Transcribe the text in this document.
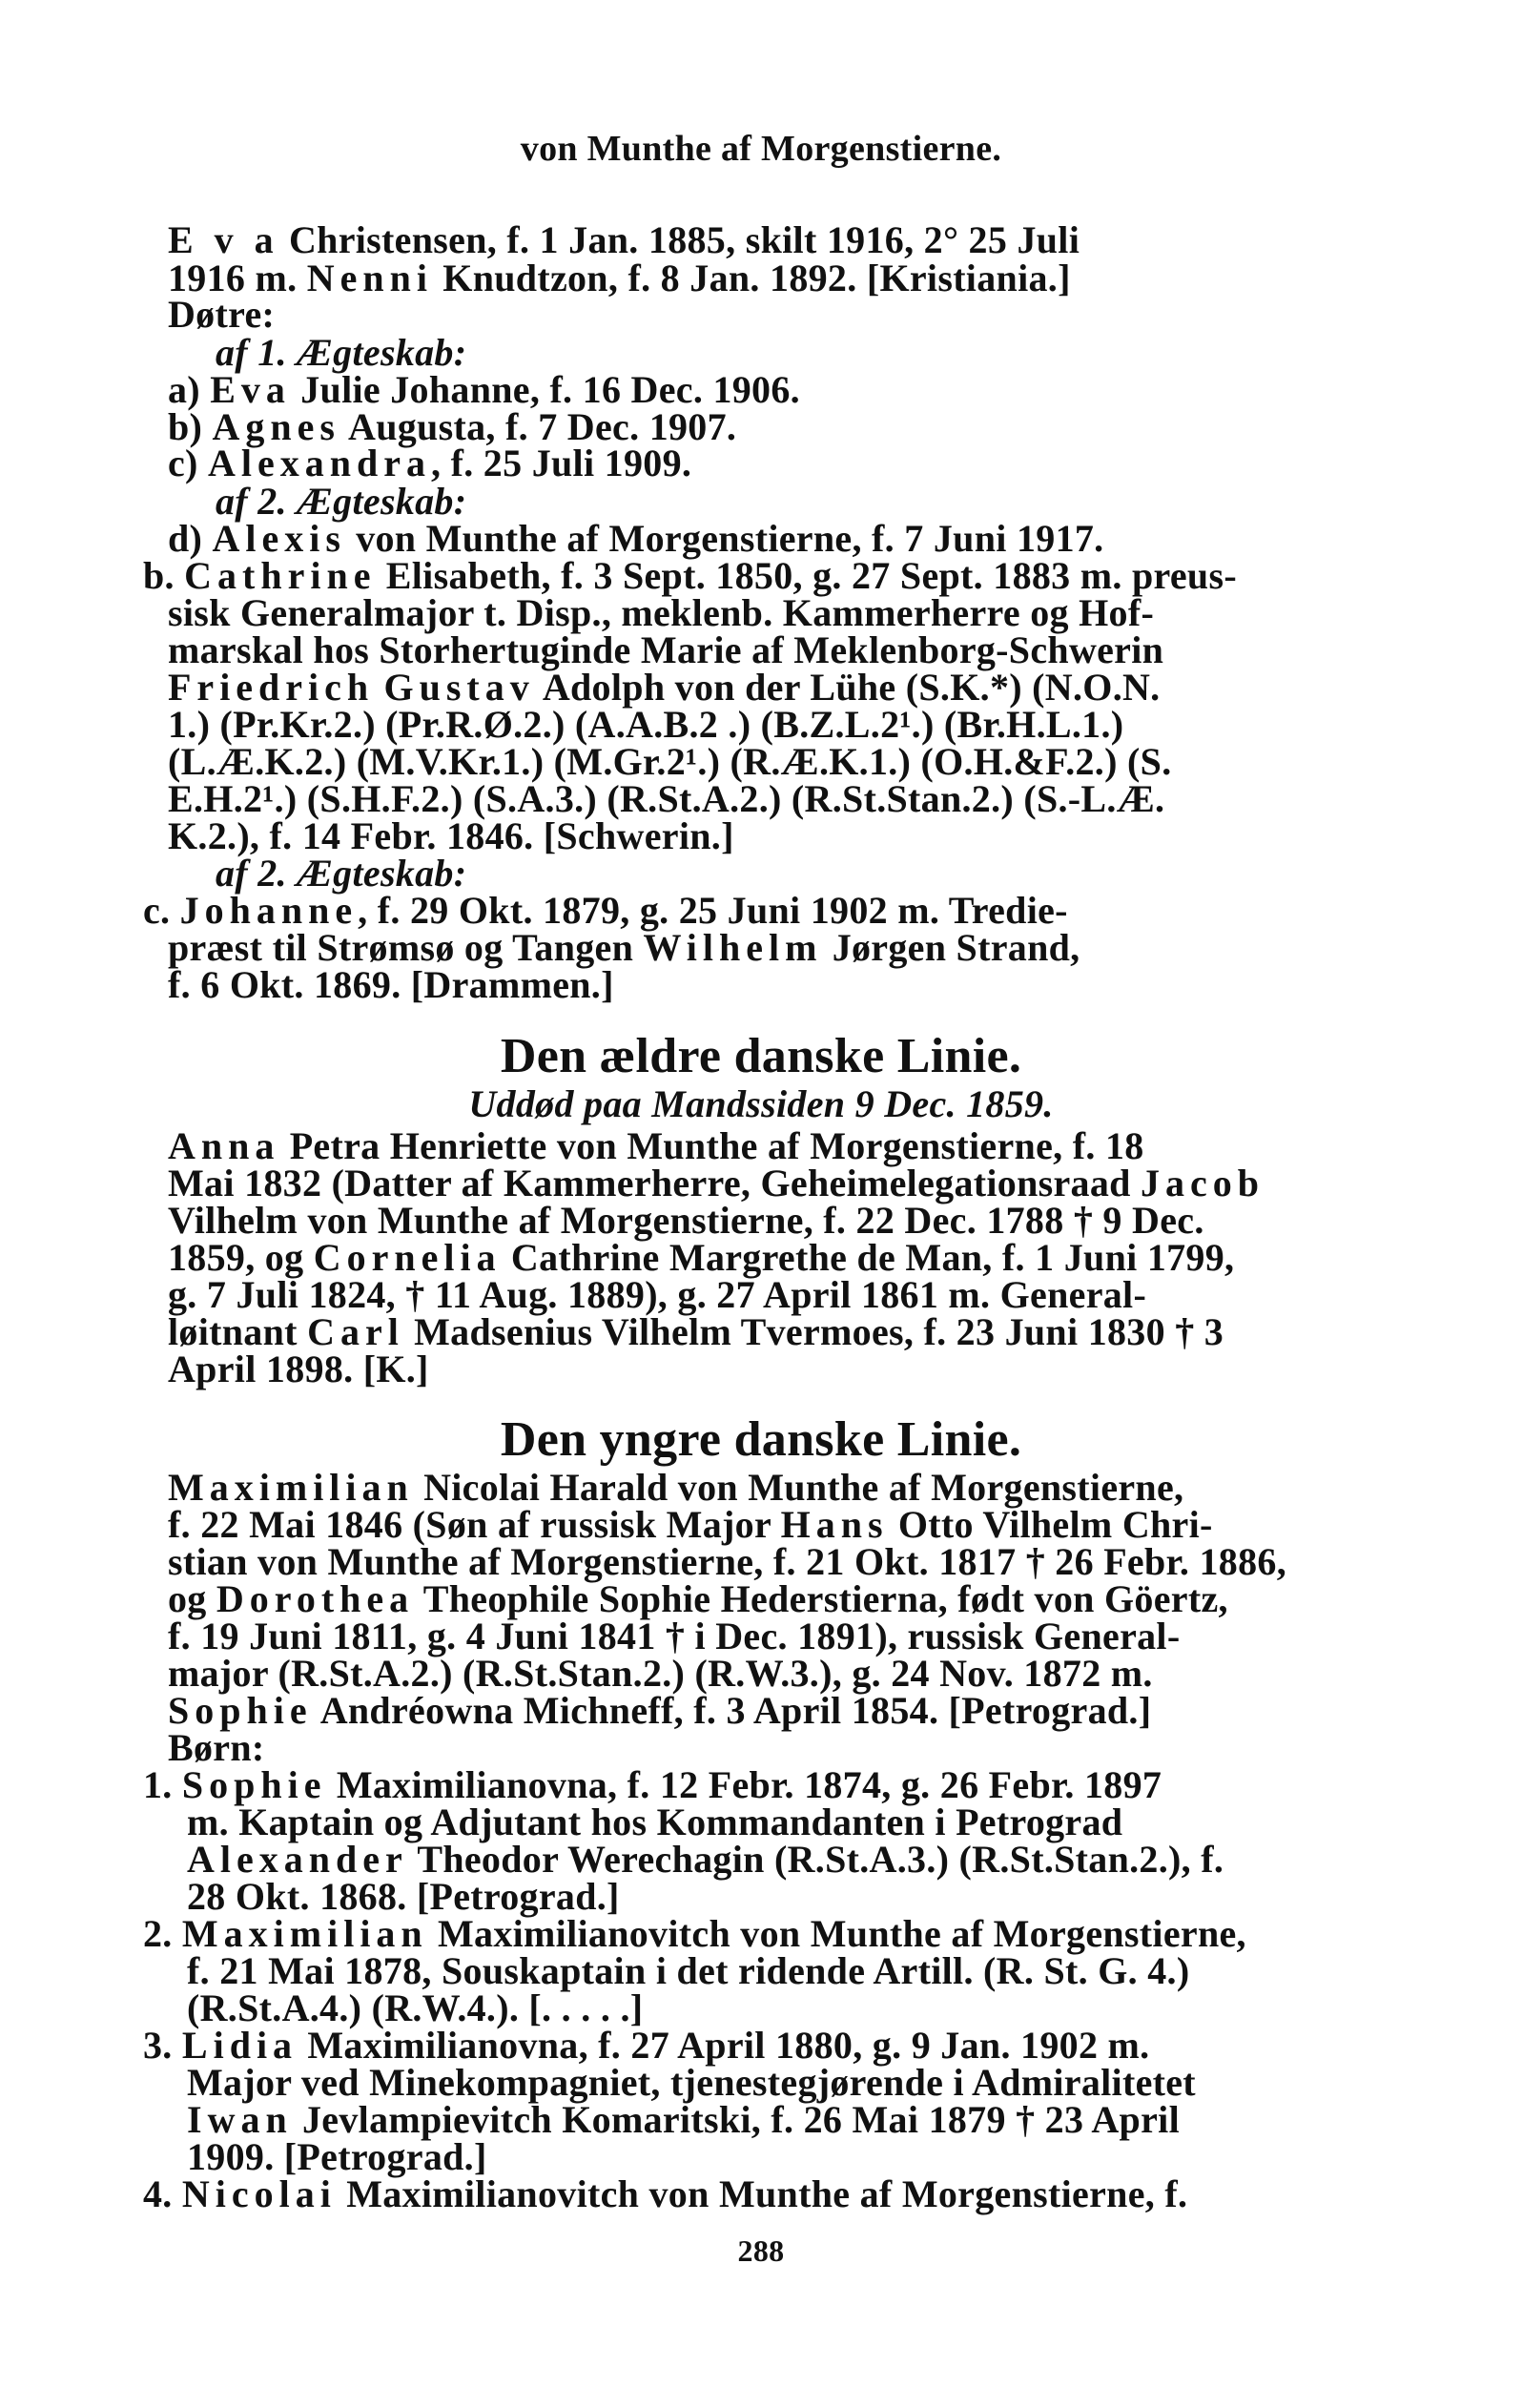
von Munthe af Morgenstierne.
E v a Christensen, f. 1 Jan. 1885, skilt 1916, 2° 25 Juli
1916 m. Nenni Knudtzon, f. 8 Jan. 1892. [Kristiania.]
Døtre:
af 1. Ægteskab:
a) Eva Julie Johanne, f. 16 Dec. 1906.
b) Agnes Augusta, f. 7 Dec. 1907.
c) Alexandra, f. 25 Juli 1909.
af 2. Ægteskab:
d) Alexis von Munthe af Morgenstierne, f. 7 Juni 1917.
b. Cathrine Elisabeth, f. 3 Sept. 1850, g. 27 Sept. 1883 m. preus-
sisk Generalmajor t. Disp., meklenb. Kammerherre og Hof-
marskal hos Storhertuginde Marie af Meklenborg-Schwerin
Friedrich Gustav Adolph von der Lühe (S.K.*) (N.O.N.
1.) (Pr.Kr.2.) (Pr.R.Ø.2.) (A.A.B.2 .) (B.Z.L.2¹.) (Br.H.L.1.)
(L.Æ.K.2.) (M.V.Kr.1.) (M.Gr.2¹.) (R.Æ.K.1.) (O.H.&F.2.) (S.
E.H.2¹.) (S.H.F.2.) (S.A.3.) (R.St.A.2.) (R.St.Stan.2.) (S.-L.Æ.
K.2.), f. 14 Febr. 1846. [Schwerin.]
af 2. Ægteskab:
c. Johanne, f. 29 Okt. 1879, g. 25 Juni 1902 m. Tredie-
præst til Strømsø og Tangen Wilhelm Jørgen Strand,
f. 6 Okt. 1869. [Drammen.]
Den ældre danske Linie.
Uddød paa Mandssiden 9 Dec. 1859.
Anna Petra Henriette von Munthe af Morgenstierne, f. 18
Mai 1832 (Datter af Kammerherre, Geheimelegationsraad Jacob
Vilhelm von Munthe af Morgenstierne, f. 22 Dec. 1788 † 9 Dec.
1859, og Cornelia Cathrine Margrethe de Man, f. 1 Juni 1799,
g. 7 Juli 1824, † 11 Aug. 1889), g. 27 April 1861 m. General-
løitnant Carl Madsenius Vilhelm Tvermoes, f. 23 Juni 1830 † 3
April 1898. [K.]
Den yngre danske Linie.
Maximilian Nicolai Harald von Munthe af Morgenstierne,
f. 22 Mai 1846 (Søn af russisk Major Hans Otto Vilhelm Chri-
stian von Munthe af Morgenstierne, f. 21 Okt. 1817 † 26 Febr. 1886,
og Dorothea Theophile Sophie Hederstierna, født von Göertz,
f. 19 Juni 1811, g. 4 Juni 1841 † i Dec. 1891), russisk General-
major (R.St.A.2.) (R.St.Stan.2.) (R.W.3.), g. 24 Nov. 1872 m.
Sophie Andréowna Michneff, f. 3 April 1854. [Petrograd.]
Børn:
1. Sophie Maximilianovna, f. 12 Febr. 1874, g. 26 Febr. 1897
m. Kaptain og Adjutant hos Kommandanten i Petrograd
Alexander Theodor Werechagin (R.St.A.3.) (R.St.Stan.2.), f.
28 Okt. 1868. [Petrograd.]
2. Maximilian Maximilianovitch von Munthe af Morgenstierne,
f. 21 Mai 1878, Souskaptain i det ridende Artill. (R. St. G. 4.)
(R.St.A.4.) (R.W.4.). [. . . . .]
3. Lidia Maximilianovna, f. 27 April 1880, g. 9 Jan. 1902 m.
Major ved Minekompagniet, tjenestegjørende i Admiralitetet
Iwan Jevlampievitch Komaritski, f. 26 Mai 1879 † 23 April
1909. [Petrograd.]
4. Nicolai Maximilianovitch von Munthe af Morgenstierne, f.
288
